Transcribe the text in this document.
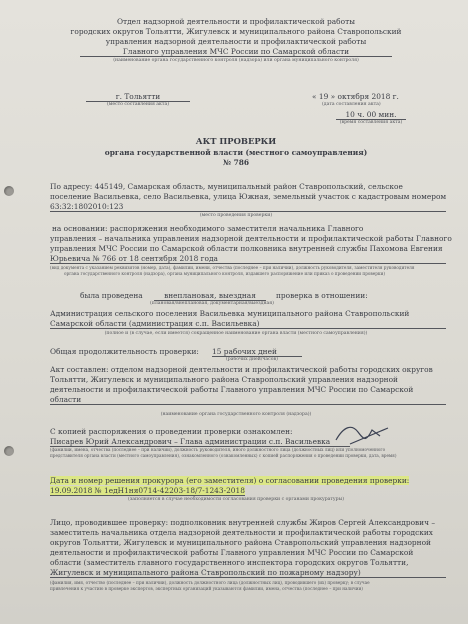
Отдел надзорной деятельности и профилактической работы
городских округов Тольятти, Жигулевск и муниципального района Ставропольский
управления надзорной деятельности и профилактической работы
Главного управления МЧС России по Самарской области
(наименование органа государственного контроля (надзора) или органа муниципального контроля)
г. Тольятти
(место составления акта)
« 19 » октября 2018 г.
(дата составления акта)
10 ч. 00 мин.
(время составления акта)
АКТ ПРОВЕРКИ
органа государственной власти (местного самоуправления)
№ 786
По адресу: 445149, Самарская область, муниципальный район Ставропольский, сельское
поселение Васильевка, село Васильевка, улица Южная, земельный участок с кадастровым номером
63:32:1802010:123
(место проведения проверки)
на основании: распоряжения необходимого заместителя начальника Главного
управления – начальника управления надзорной деятельности и профилактической работы Главного
управления МЧС России по Самарской области полковника внутренней службы Пахомова Евгения
Юрьевича № 766 от 18 сентября 2018 года
(вид документа с указанием реквизитов (номер, дата), фамилии, имени, отчества (последнее – при наличии), должность руководителя, заместителя руководителя
органа государственного контроля (надзора), органа муниципального контроля, издавшего распоряжение или приказ о проведении проверки)
была проведена	внеплановая, выездная	проверка в отношении:
(плановая/внеплановая, документарная/выездная)
Администрация сельского поселения Васильевка муниципального района Ставропольский
Самарской области (администрация с.п. Васильевка)
(полное и (в случае, если имеется) сокращенное наименование органа власти (местного самоуправления))
Общая продолжительность проверки: 15 рабочих дней
(рабочих дней/часов)
Акт составлен: отделом надзорной деятельности и профилактической работы городских округов
Тольятти, Жигулевск и муниципального района Ставропольский управления надзорной
деятельности и профилактической работы Главного управления МЧС России по Самарской
области
(наименование органа государственного контроля (надзора))
С копией распоряжения о проведении проверки ознакомлен:
Писарев Юрий Александрович – Глава администрации с.п. Васильевка
(фамилии, имена, отчества (последнее – при наличии), должность руководителя, иного должностного лица (должностных лиц) или уполномоченного
представителя органа власти (местного самоуправления), ознакомленного (ознакомленных) с копией распоряжения о проведении проверки, дата, время)
Дата и номер решения прокурора (его заместителя) о согласовании проведения проверки:
19.09.2018 № 1едН1ня0714-42203-18/7-1243-2018
(заполняется в случае необходимости согласования проверки с органами прокуратуры)
Лицо, проводившее проверку: подполковник внутренней службы Жиров Сергей Александрович –
заместитель начальника отдела надзорной деятельности и профилактической работы городских
округов Тольятти, Жигулевск и муниципального района Ставропольский управления надзорной
деятельности и профилактической работы Главного управления МЧС России по Самарской
области (заместитель главного государственного инспектора городских округов Тольятти,
Жигулевск и муниципального района Ставропольский по пожарному надзору)
(фамилия, имя, отчество (последнее – при наличии), должность должностного лица (должностных лиц), проводившего (их) проверку; в случае
привлечения к участию в проверке экспертов, экспертных организаций указываются фамилии, имена, отчества (последнее – при наличии)
